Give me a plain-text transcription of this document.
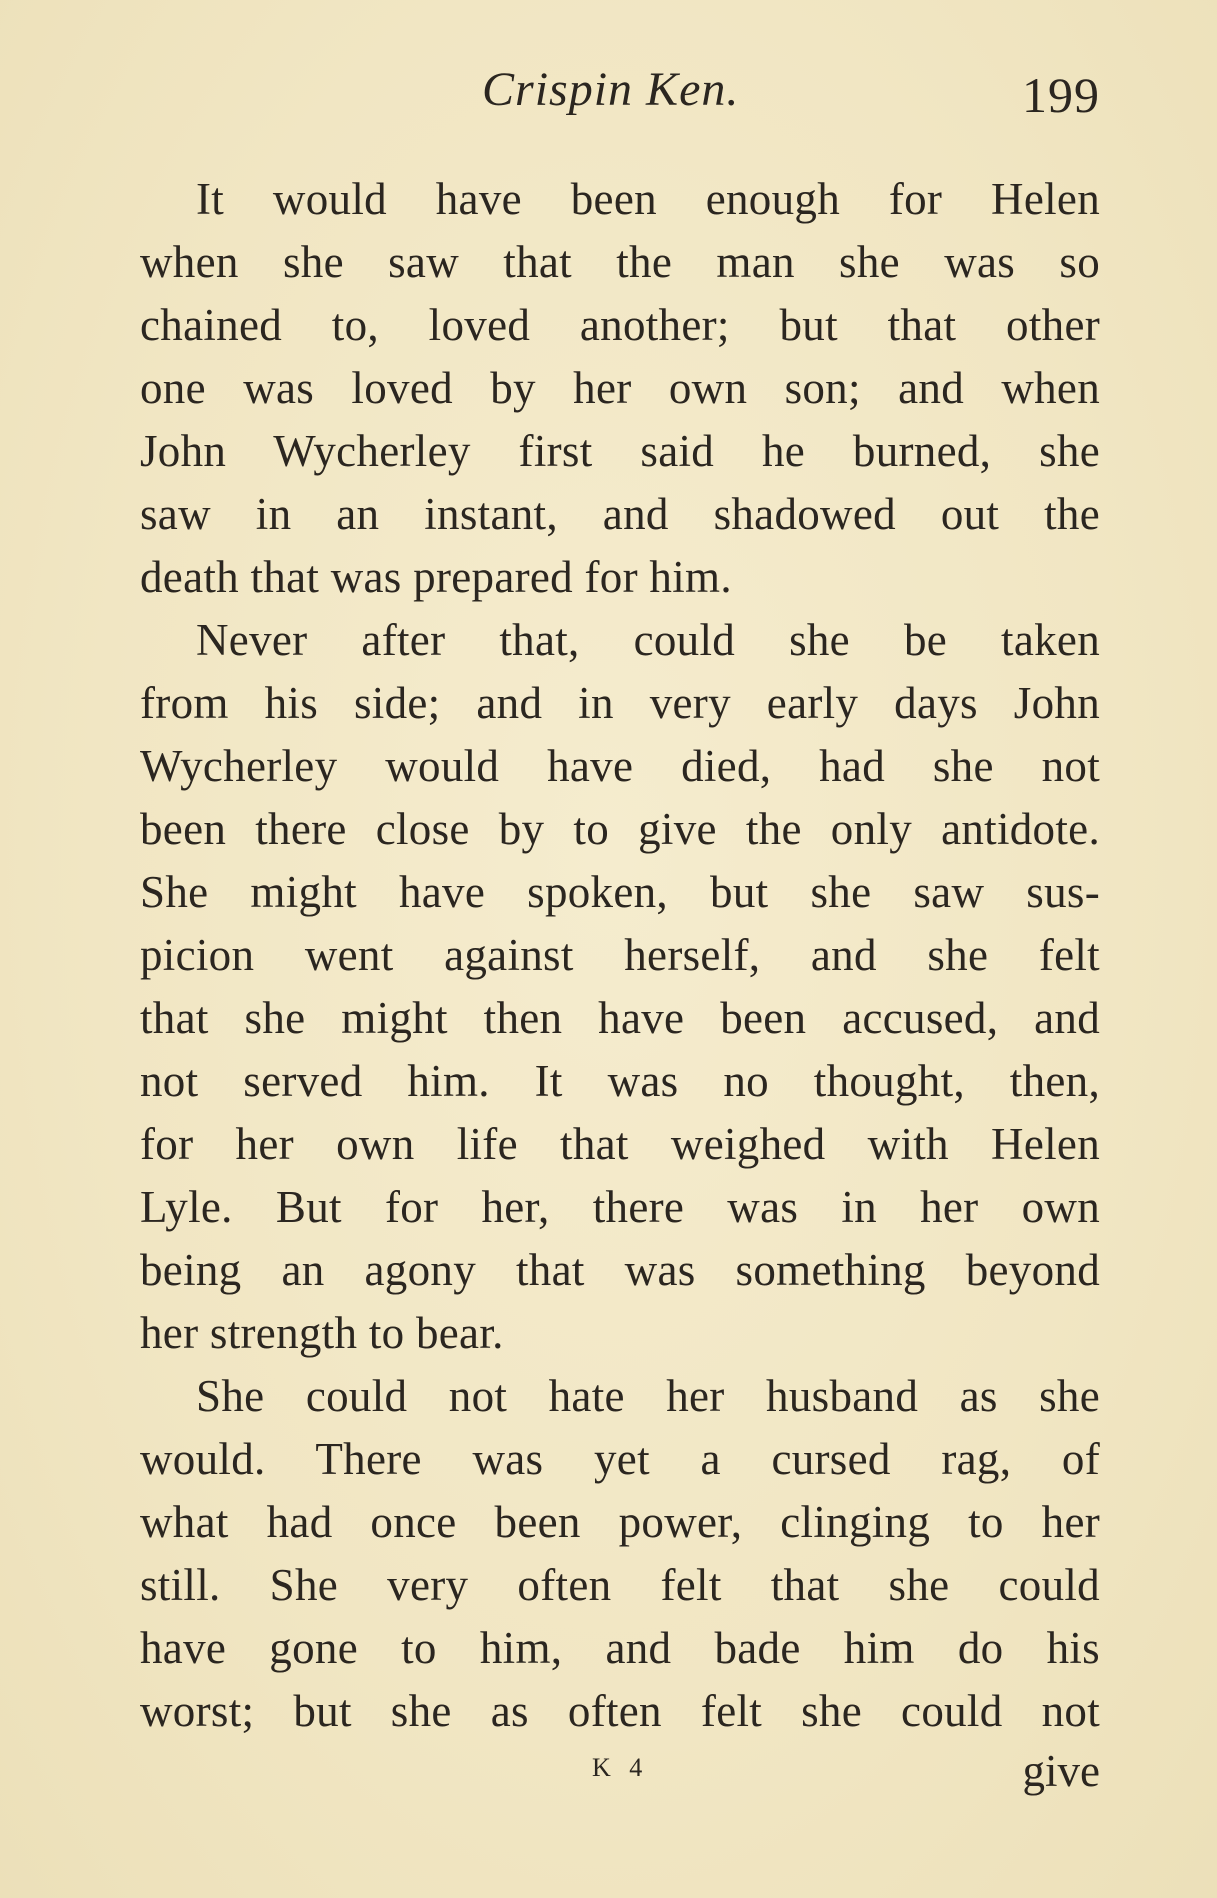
Crispin Ken.	199
It would have been enough for Helen
when she saw that the man she was so
chained to, loved another; but that other
one was loved by her own son; and when
John Wycherley first said he burned, she
saw in an instant, and shadowed out the
death that was prepared for him.
Never after that, could she be taken
from his side; and in very early days John
Wycherley would have died, had she not
been there close by to give the only antidote.
She might have spoken, but she saw sus-
picion went against herself, and she felt
that she might then have been accused, and
not served him. It was no thought, then,
for her own life that weighed with Helen
Lyle. But for her, there was in her own
being an agony that was something beyond
her strength to bear.
She could not hate her husband as she
would. There was yet a cursed rag, of
what had once been power, clinging to her
still. She very often felt that she could
have gone to him, and bade him do his
worst; but she as often felt she could not
K 4	give
